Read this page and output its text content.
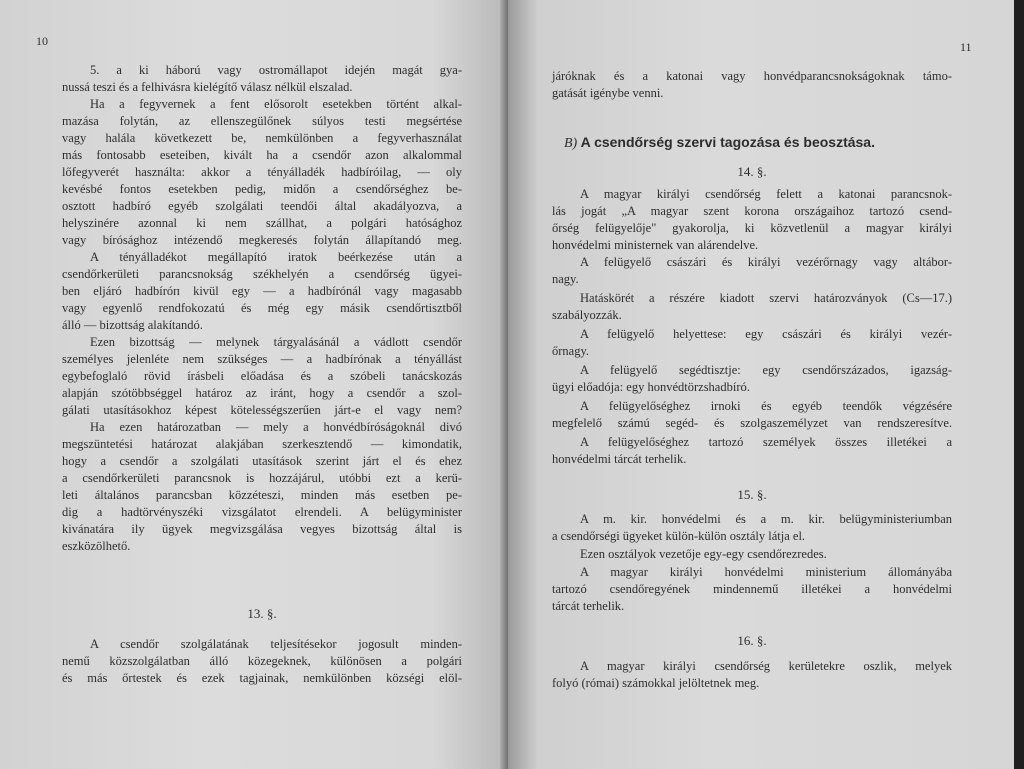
10
5. a ki háború vagy ostromállapot idején magát gya-
nussá teszi és a felhivásra kielégítő válasz nélkül elszalad.
Ha a fegyvernek a fent elősorolt esetekben történt alkal-
mazása folytán, az ellenszegülőnek súlyos testi megsértése
vagy halála következett be, nemkülönben a fegyverhasználat
más fontosabb eseteiben, kivált ha a csendőr azon alkalommal
lőfegyverét használta: akkor a tényálladék hadbíróilag, — oly
kevésbé fontos esetekben pedig, midőn a csendőrséghez be-
osztott hadbíró egyéb szolgálati teendői által akadályozva, a
helyszinére azonnal ki nem szállhat, a polgári hatósághoz
vagy bírósághoz intézendő megkeresés folytán állapítandó meg.
A tényálladékot megállapító iratok beérkezése után a
csendőrkerületi parancsnokság székhelyén a csendőrség ügyei-
ben eljáró hadbíróп kivül egy — a hadbírónál vagy magasabb
vagy egyenlő rendfokozatú és még egy másik csendőrtisztből
álló — bizottság alakítandó.
Ezen bizottság — melynek tárgyalásánál a vádlott csendőr
személyes jelenléte nem szükséges — a hadbírónak a tényállást
egybefoglaló rövid írásbeli előadása és a szóbeli tanácskozás
alapján szótöbbséggel határoz az iránt, hogy a csendőr a szol-
gálati utasításokhoz képest kötelességszerűen járt-e el vagy nem?
Ha ezen határozatban — mely a honvédbíróságoknál divó
megszüntetési határozat alakjában szerkesztendő — kimondatik,
hogy a csendőr a szolgálati utasítások szerint járt el és ehez
a csendőrkerületi parancsnok is hozzájárul, utóbbi ezt a kerü-
leti általános parancsban közzéteszi, minden más esetben pe-
dig a hadtörvényszéki vizsgálatot elrendeli. A belügyminister
kivánatára ily ügyek megvizsgálása vegyes bizottság által is
eszközölhető.
13. §.
A csendőr szolgálatának teljesítésekor jogosult minden-
nemű közszolgálatban álló közegeknek, különösen a polgári
és más őrtestek és ezek tagjainak, nemkülönben községi elöl-
11
járóknak és a katonai vagy honvédparancsnokságoknak támo-
gatását igénybe venni.
B) A csendőrség szervi tagozása és beosztása.
14. §.
A magyar királyi csendőrség felett a katonai parancsnok-
lás jogát „A magyar szent korona országaihoz tartozó csend-
őrség felügyelője" gyakorolja, ki közvetlenül a magyar királyi
honvédelmi ministernek van alárendelve.
A felügyelő császári és királyi vezérőrnagy vagy altábor-
nagy.
Hatáskörét a részére kiadott szervi határozványok (Cs—17.)
szabályozzák.
A felügyelő helyettese: egy császári és királyi vezér-
őrnagy.
A felügyelő segédtisztje: egy csendőrszázados, igazság-
ügyi előadója: egy honvédtörzshadbíró.
A felügyelőséghez irnoki és egyéb teendők végzésére
megfelelő számú segéd- és szolgaszemélyzet van rendszeresítve.
A felügyelőséghez tartozó személyek összes illetékei a
honvédelmi tárcát terhelik.
15. §.
A m. kir. honvédelmi és a m. kir. belügyministeriumban
a csendőrségi ügyeket külön-külön osztály látja el.
Ezen osztályok vezetője egy-egy csendőrezredes.
A magyar királyi honvédelmi ministerium állományába
tartozó csendőregyének mindennemű illetékei a honvédelmi
tárcát terhelik.
16. §.
A magyar királyi csendőrség kerületekre oszlik, melyek
folyó (római) számokkal jelöltetnek meg.
